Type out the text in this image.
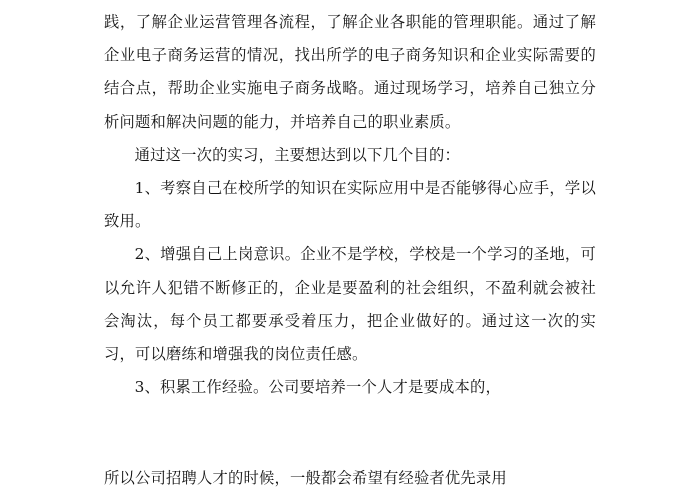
践，了解企业运营管理各流程，了解企业各职能的管理职能。通过了解企业电子商务运营的情况，找出所学的电子商务知识和企业实际需要的结合点，帮助企业实施电子商务战略。通过现场学习，培养自己独立分析问题和解决问题的能力，并培养自己的职业素质。

通过这一次的实习，主要想达到以下几个目的：

1、考察自己在校所学的知识在实际应用中是否能够得心应手，学以致用。

2、增强自己上岗意识。企业不是学校，学校是一个学习的圣地，可以允许人犯错不断修正的，企业是要盈利的社会组织，不盈利就会被社会淘汰，每个员工都要承受着压力，把企业做好的。通过这一次的实习，可以磨练和增强我的岗位责任感。

3、积累工作经验。公司要培养一个人才是要成本的，

所以公司招聘人才的时候，一般都会希望有经验者优先录用
